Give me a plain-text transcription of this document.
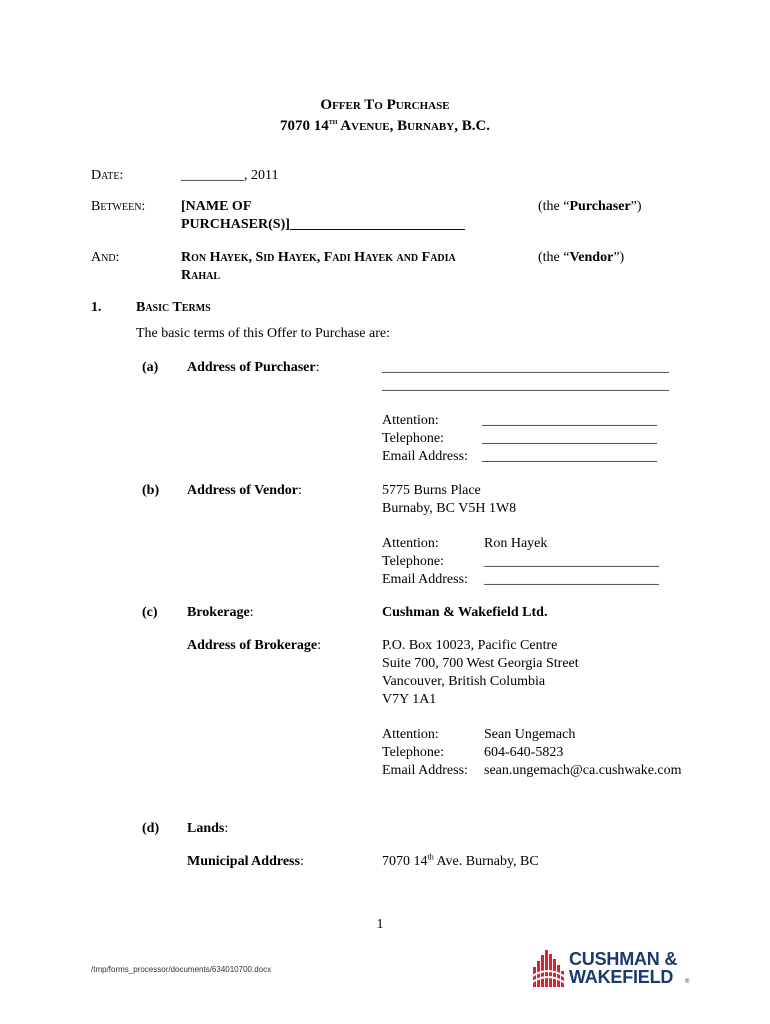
Offer To Purchase
7070 14th Avenue, Burnaby, B.C.
Date:	_________, 2011
Between:	[NAME OF
PURCHASER(S)]_________________________
(the “Purchaser”)
And:	Ron Hayek, Sid Hayek, Fadi Hayek and Fadia
Rahal
(the “Vendor”)
1. Basic Terms
The basic terms of this Offer to Purchase are:
(a) Address of Purchaser:	_________________________________________
_________________________________________
Attention:	_________________________
Telephone:	_________________________
Email Address: _________________________
(b) Address of Vendor:	5775 Burns Place
Burnaby, BC V5H 1W8
Attention:	Ron Hayek
Telephone:	_________________________
Email Address: _________________________
(c) Brokerage:	Cushman & Wakefield Ltd.
Address of Brokerage:	P.O. Box 10023, Pacific Centre
Suite 700, 700 West Georgia Street
Vancouver, British Columbia
V7Y 1A1
Attention:	Sean Ungemach
Telephone:	604-640-5823
Email Address: sean.ungemach@ca.cushwake.com
(d) Lands:
Municipal Address:	7070 14th Ave. Burnaby, BC
1
/tmp/forms_processor/documents/634010700.docx
CUSHMAN &
WAKEFIELD ®
